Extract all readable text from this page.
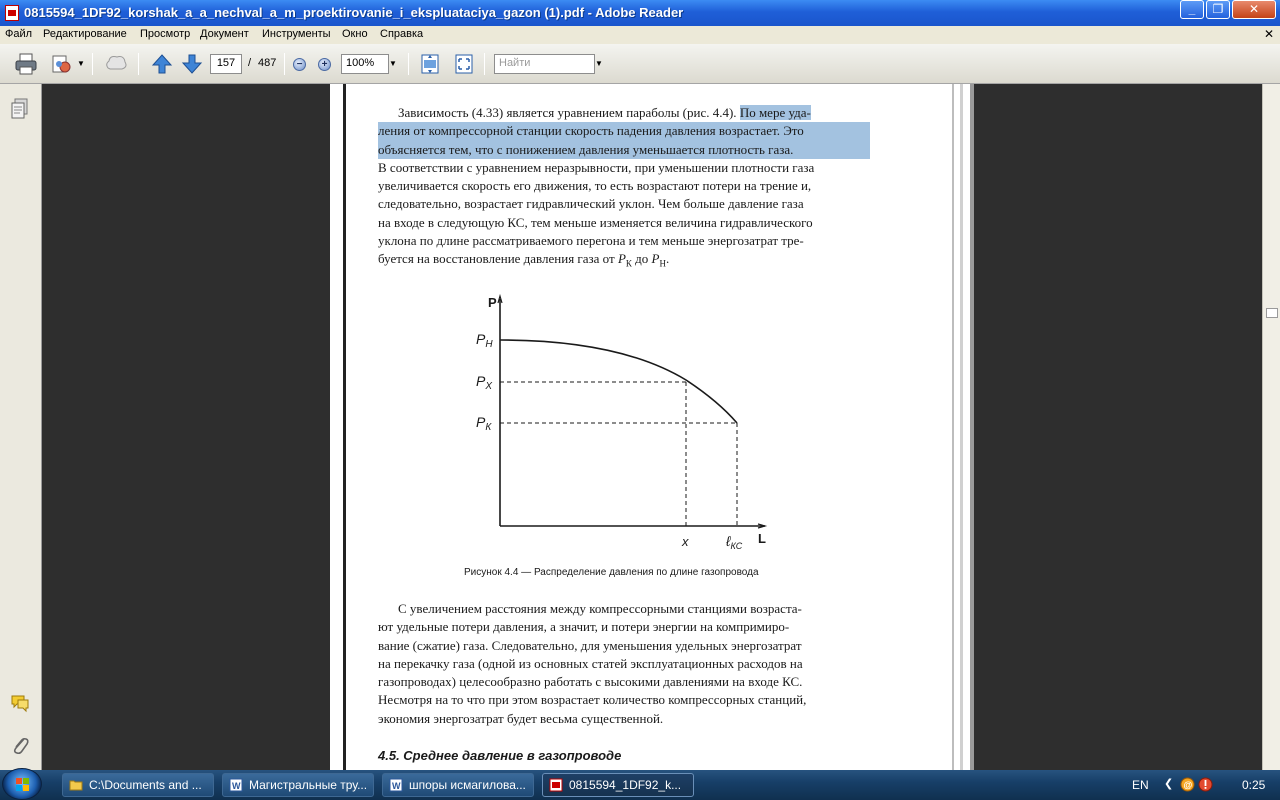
0815594_1DF92_korshak_a_a_nechval_a_m_proektirovanie_i_ekspluataciya_gazon (1).pdf - Adobe Reader	_	❐	✕
Файл Редактирование Просмотр Документ Инструменты Окно Справка	✕
▼	157	/ 487	−	+	100%	▼	Найти	▼
Зависимость (4.33) является уравнением параболы (рис. 4.4). По мере уда-
ления от компрессорной станции скорость падения давления возрастает. Это
объясняется тем, что с понижением давления уменьшается плотность газа.
В соответствии с уравнением неразрывности, при уменьшении плотности газа
увеличивается скорость его движения, то есть возрастают потери на трение и,
следовательно, возрастает гидравлический уклон. Чем больше давление газа
на входе в следующую КС, тем меньше изменяется величина гидравлического
уклона по длине рассматриваемого перегона и тем меньше энергозатрат тре-
буется на восстановление давления газа от $P_К$ до $P_Н$.
P
$P_Н$
$P_Х$
$P_К$
x	ℓ$_{КС}$ L
Рисунок 4.4 — Распределение давления по длине газопровода
С увеличением расстояния между компрессорными станциями возраста-
ют удельные потери давления, а значит, и потери энергии на компримиро-
вание (сжатие) газа. Следовательно, для уменьшения удельных энергозатрат
на перекачку газа (одной из основных статей эксплуатационных расходов на
газопроводах) целесообразно работать с высокими давлениями на входе КС.
Несмотря на то что при этом возрастает количество компрессорных станций,
экономия энергозатрат будет весьма существенной.
4.5. Среднее давление в газопроводе
C:\Documents and ...	W Магистральные тру...	W шпоры исмагилова...	0815594_1DF92_k...	EN ❮ @	0:25
